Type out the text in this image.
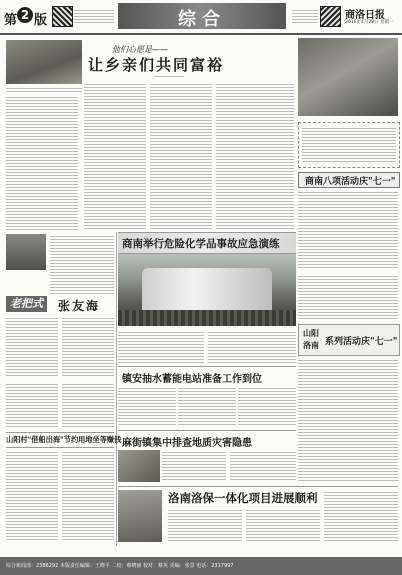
第 2 版	综合	商洛日报
2016年4月28日 星期一
他们心愿是——
让乡亲们共同富裕
商南八项活动庆"七一"
老把式	张友海
山阳村"借船出海"节约用地坐等赚钱
商南举行危险化学品事故应急演练
镇安抽水蓄能电站准备工作到位
麻街镇集中排查地质灾害隐患
山阳 洛南 系列活动庆"七一"
洛南洛保一体化项目进展顺利
综合新闻部：2386292 本版责任编辑：王晓平 二校：蔡晓丽 校对：蔡英 美编：张景 电话：2317997
